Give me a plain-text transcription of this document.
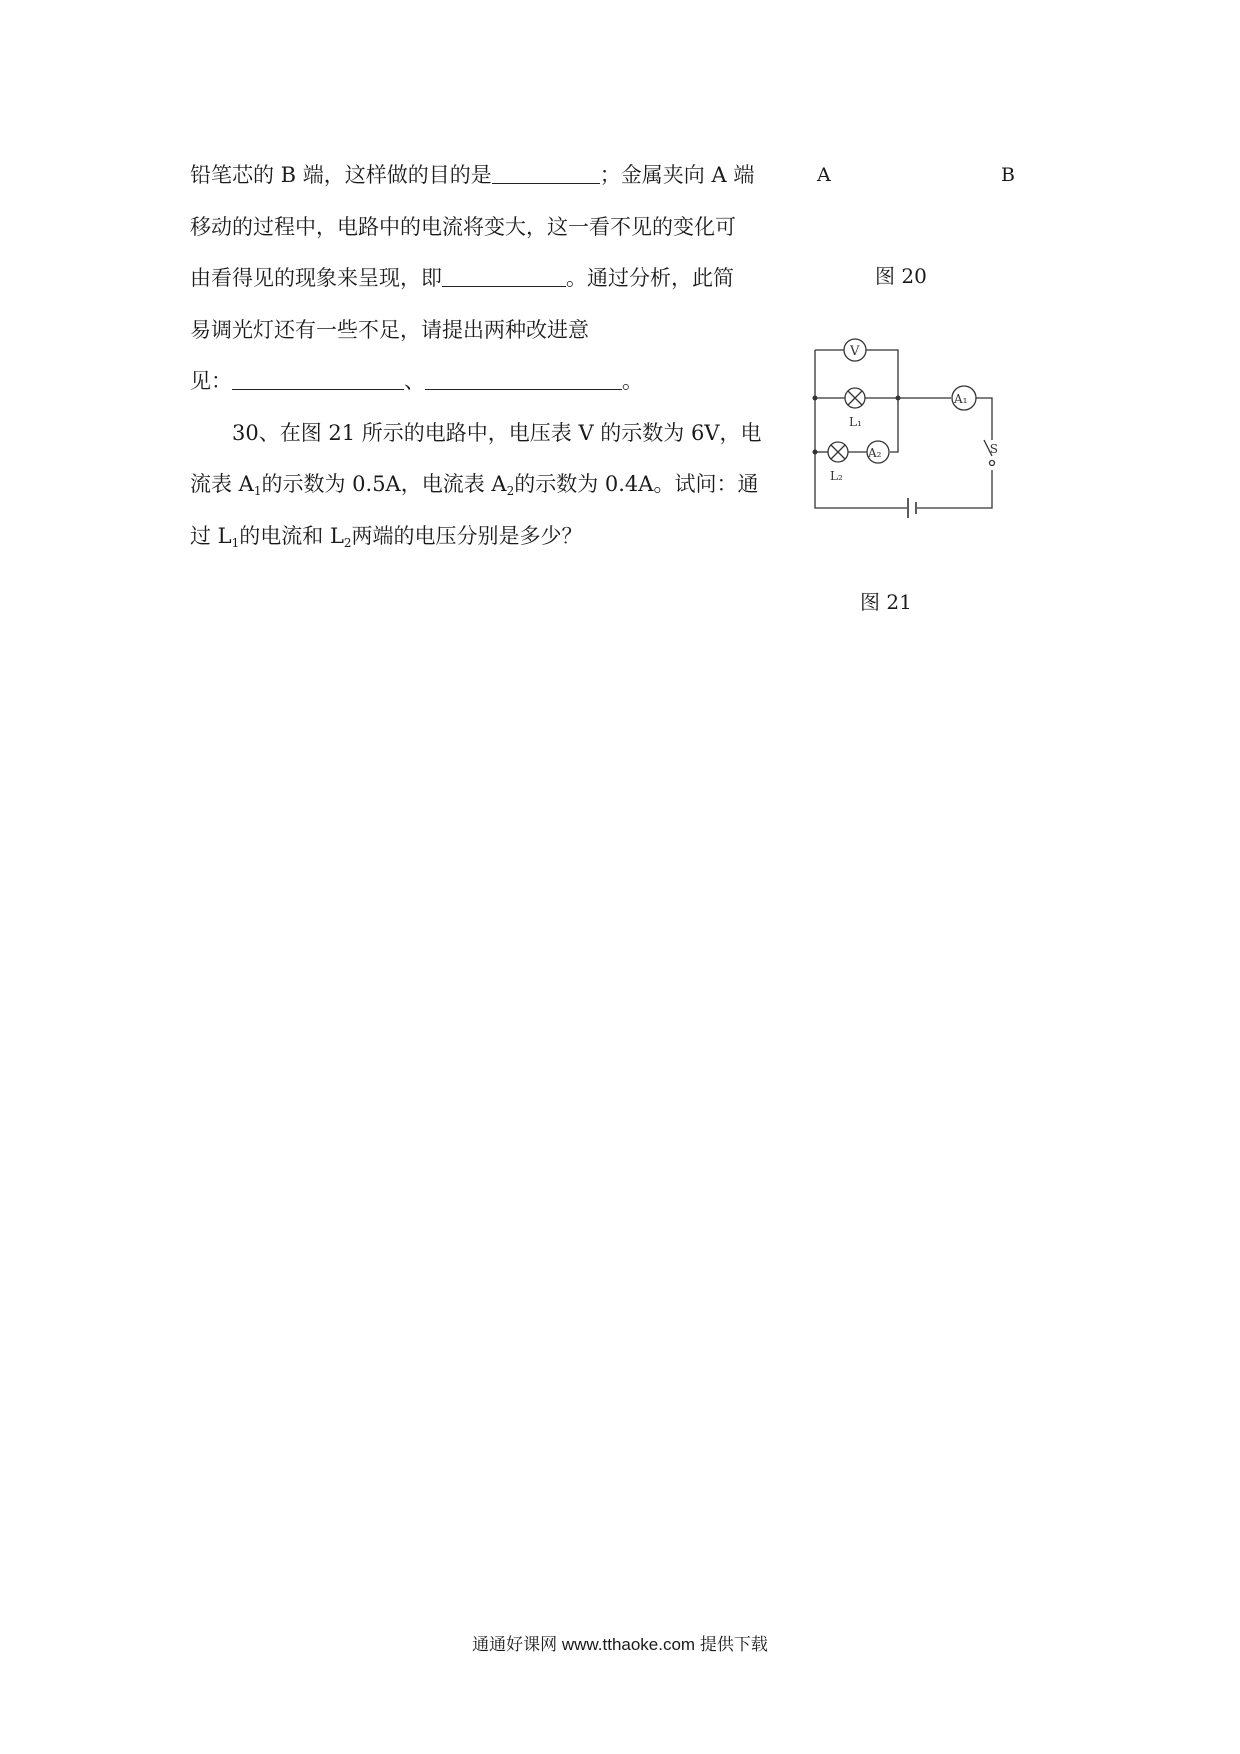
铅笔芯的 B 端，这样做的目的是	；金属夹向 A 端
移动的过程中，电路中的电流将变大，这一看不见的变化可
由看得见的现象来呈现，即	。通过分析，此简
易调光灯还有一些不足，请提出两种改进意
见：	、	。
30、在图 21 所示的电路中，电压表 V 的示数为 6V，电
流表 $A_1$的示数为 0.5A，电流表 $A_2$的示数为 0.4A。试问：通
过 $L_1$的电流和 $L_2$两端的电压分别是多少？
A	B
图 20
V
A₁
A₂
L₁
L₂
S
图 21
通通好课网 www.tthaoke.com 提供下载
